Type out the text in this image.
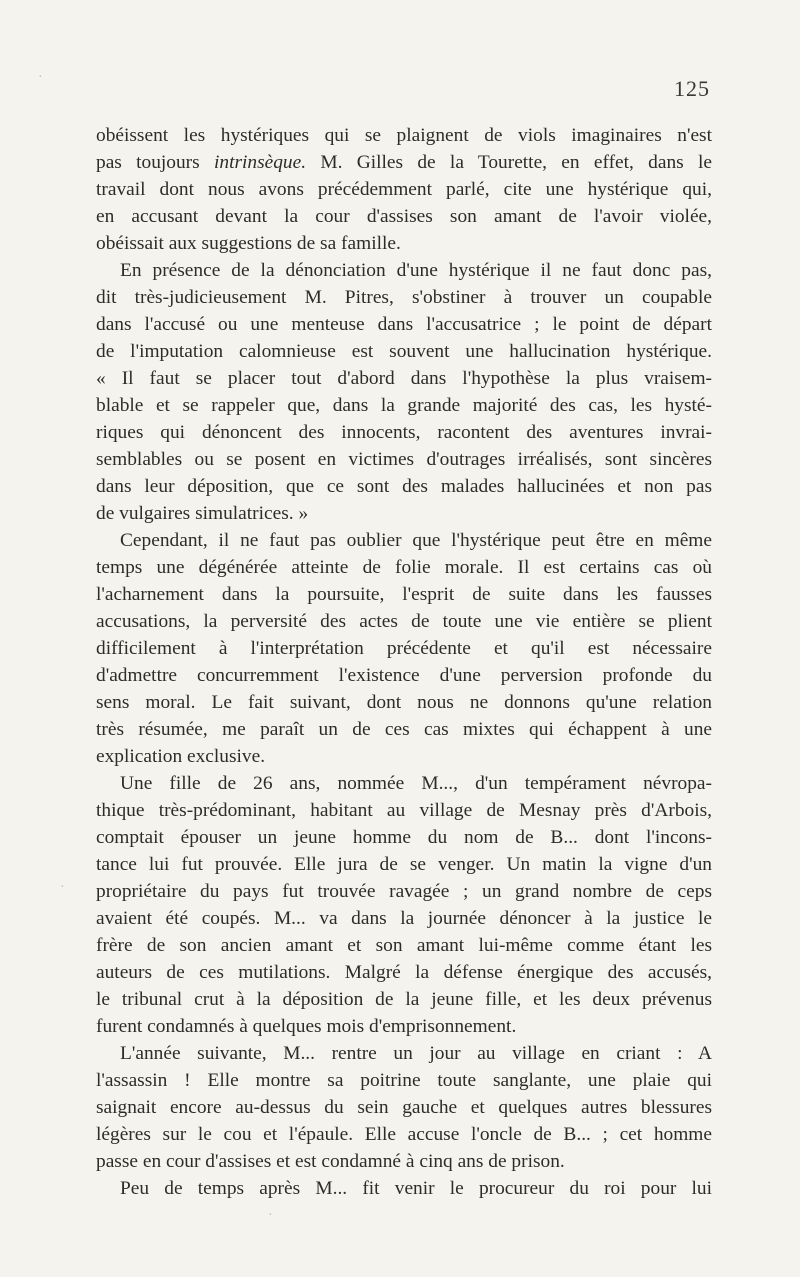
125
obéissent les hystériques qui se plaignent de viols imaginaires n'est
pas toujours intrinsèque. M. Gilles de la Tourette, en effet, dans le
travail dont nous avons précédemment parlé, cite une hystérique qui,
en accusant devant la cour d'assises son amant de l'avoir violée,
obéissait aux suggestions de sa famille.
En présence de la dénonciation d'une hystérique il ne faut donc pas,
dit très-judicieusement M. Pitres, s'obstiner à trouver un coupable
dans l'accusé ou une menteuse dans l'accusatrice ; le point de départ
de l'imputation calomnieuse est souvent une hallucination hystérique.
« Il faut se placer tout d'abord dans l'hypothèse la plus vraisem-
blable et se rappeler que, dans la grande majorité des cas, les hysté-
riques qui dénoncent des innocents, racontent des aventures invrai-
semblables ou se posent en victimes d'outrages irréalisés, sont sincères
dans leur déposition, que ce sont des malades hallucinées et non pas
de vulgaires simulatrices. »
Cependant, il ne faut pas oublier que l'hystérique peut être en même
temps une dégénérée atteinte de folie morale. Il est certains cas où
l'acharnement dans la poursuite, l'esprit de suite dans les fausses
accusations, la perversité des actes de toute une vie entière se plient
difficilement à l'interprétation précédente et qu'il est nécessaire
d'admettre concurremment l'existence d'une perversion profonde du
sens moral. Le fait suivant, dont nous ne donnons qu'une relation
très résumée, me paraît un de ces cas mixtes qui échappent à une
explication exclusive.
Une fille de 26 ans, nommée M..., d'un tempérament névropa-
thique très-prédominant, habitant au village de Mesnay près d'Arbois,
comptait épouser un jeune homme du nom de B... dont l'incons-
tance lui fut prouvée. Elle jura de se venger. Un matin la vigne d'un
propriétaire du pays fut trouvée ravagée ; un grand nombre de ceps
avaient été coupés. M... va dans la journée dénoncer à la justice le
frère de son ancien amant et son amant lui-même comme étant les
auteurs de ces mutilations. Malgré la défense énergique des accusés,
le tribunal crut à la déposition de la jeune fille, et les deux prévenus
furent condamnés à quelques mois d'emprisonnement.
L'année suivante, M... rentre un jour au village en criant : A
l'assassin ! Elle montre sa poitrine toute sanglante, une plaie qui
saignait encore au-dessus du sein gauche et quelques autres blessures
légères sur le cou et l'épaule. Elle accuse l'oncle de B... ; cet homme
passe en cour d'assises et est condamné à cinq ans de prison.
Peu de temps après M... fit venir le procureur du roi pour lui
·
·
·
